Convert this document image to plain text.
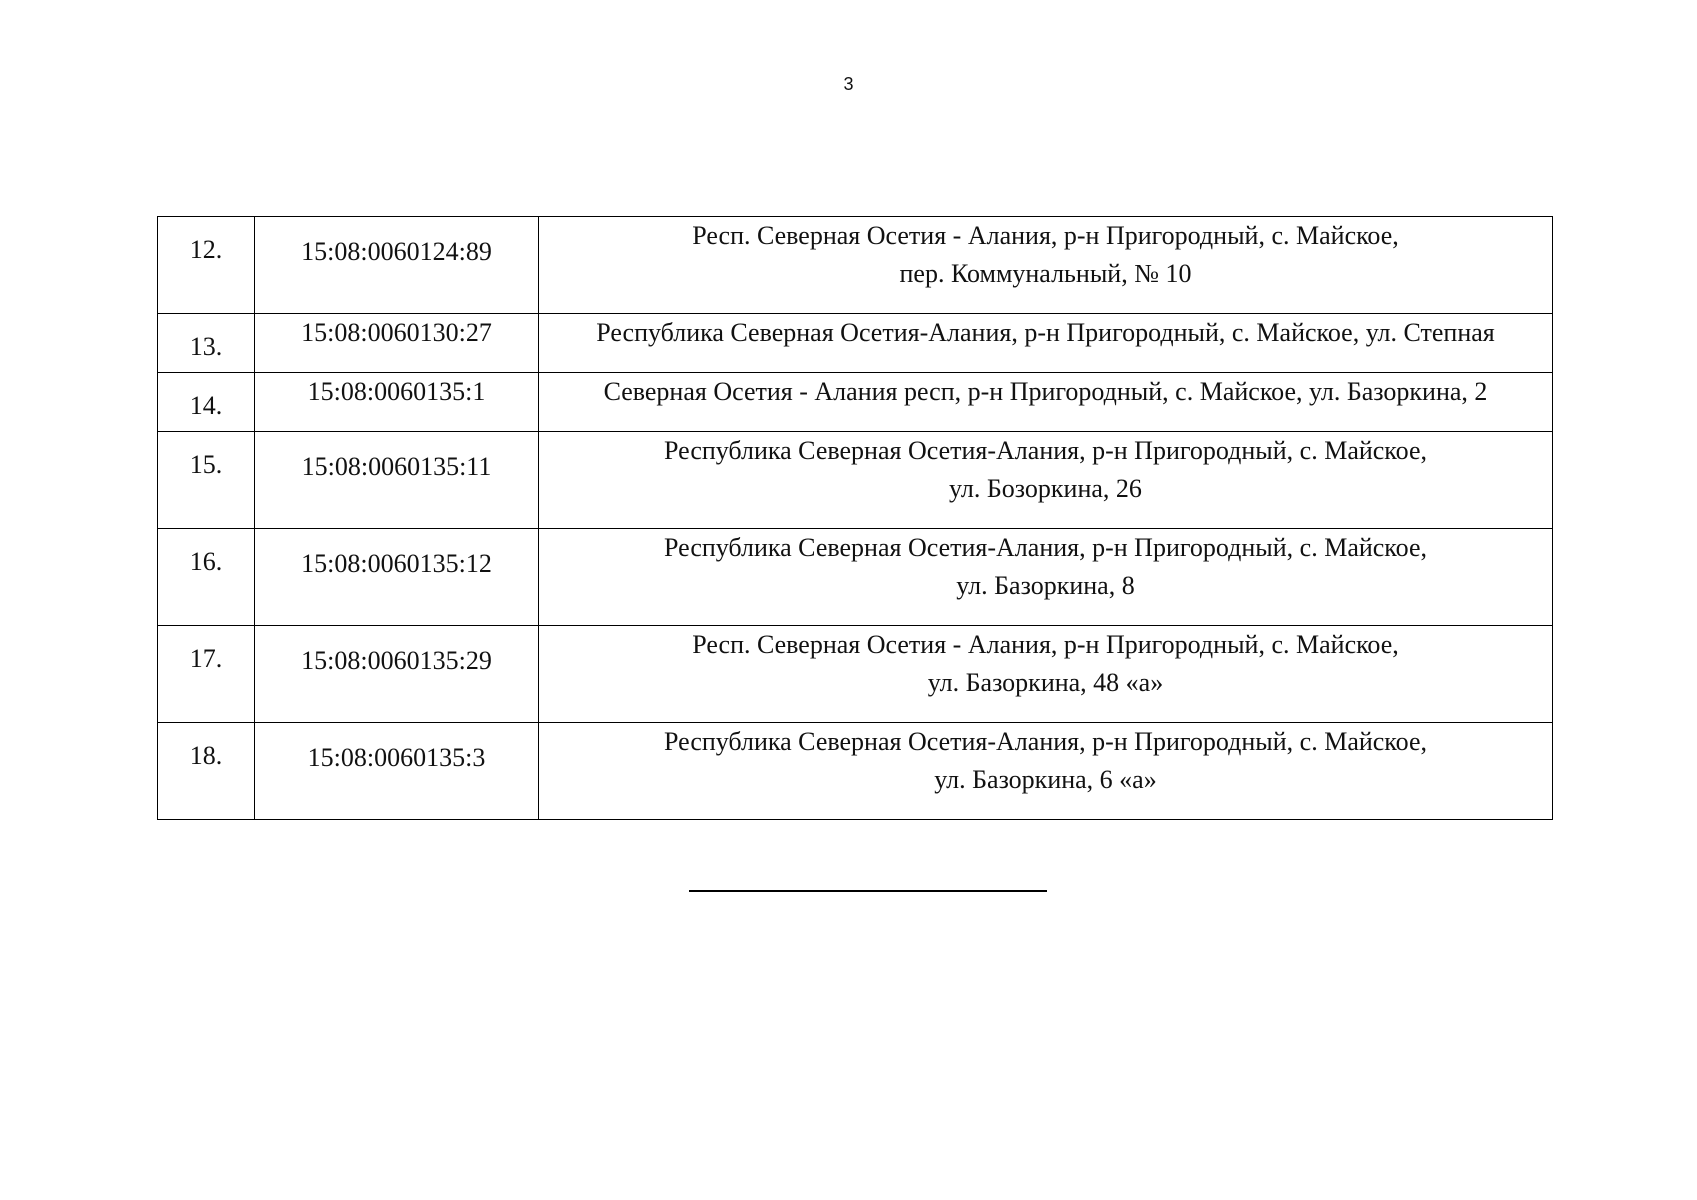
3
12.	15:08:0060124:89	Респ. Северная Осетия - Алания, р-н Пригородный, с. Майское,
пер. Коммунальный, № 10

13.	15:08:0060130:27	Республика Северная Осетия-Алания, р-н Пригородный, с. Майское, ул. Степная

14.	15:08:0060135:1	Северная Осетия - Алания респ, р-н Пригородный, с. Майское, ул. Базоркина, 2

15.	15:08:0060135:11	Республика Северная Осетия-Алания, р-н Пригородный, с. Майское,
ул. Бозоркина, 26

16.	15:08:0060135:12	Республика Северная Осетия-Алания, р-н Пригородный, с. Майское,
ул. Базоркина, 8

17.	15:08:0060135:29	Респ. Северная Осетия - Алания, р-н Пригородный, с. Майское,
ул. Базоркина, 48 «а»

18.	15:08:0060135:3	Республика Северная Осетия-Алания, р-н Пригородный, с. Майское,
ул. Базоркина, 6 «а»
